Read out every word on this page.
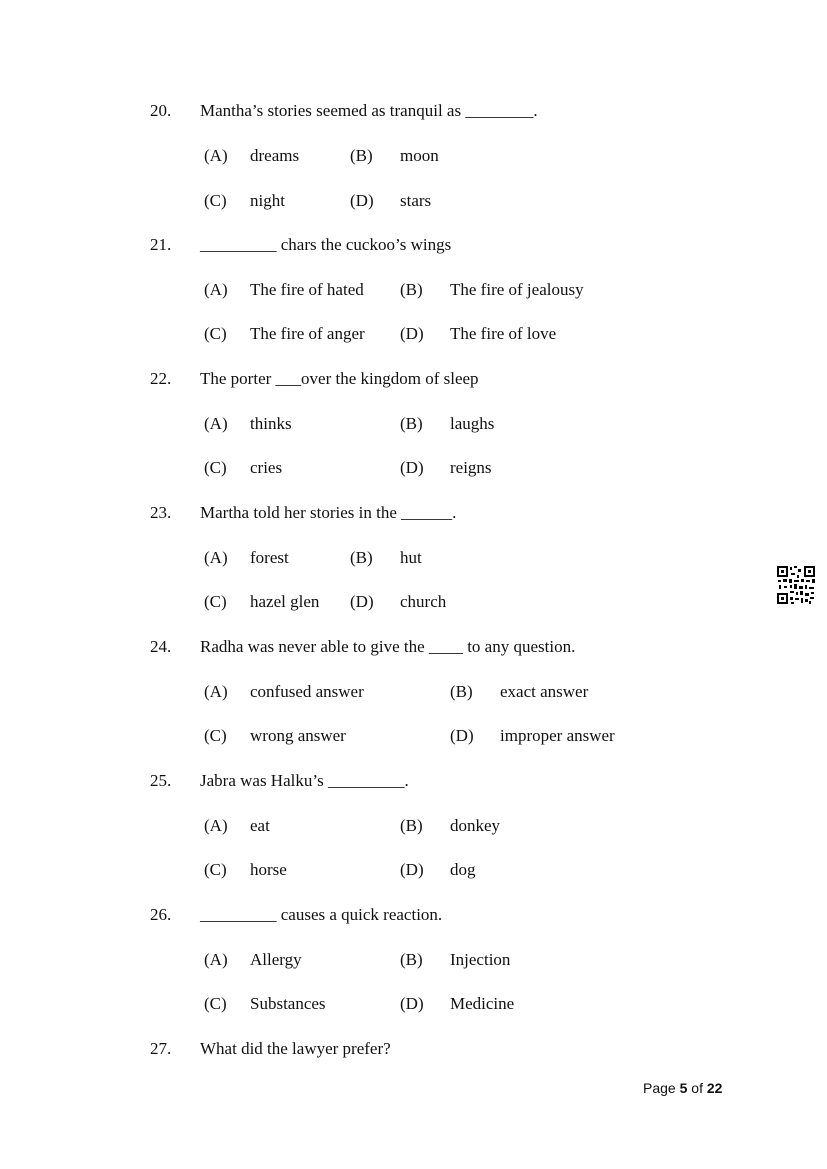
20. Mantha’s stories seemed as tranquil as ________.
(A) dreams	(B) moon
(C) night	(D) stars
21. _________ chars the cuckoo’s wings
(A) The fire of hated (B) The fire of jealousy
(C) The fire of anger (D) The fire of love
22. The porter ___over the kingdom of sleep
(A) thinks	(B) laughs
(C) cries	(D) reigns
23. Martha told her stories in the ______.
(A) forest	(B) hut
(C) hazel glen (D) church
24. Radha was never able to give the ____ to any question.
(A) confused answer	(B) exact answer
(C) wrong answer	(D) improper answer
25. Jabra was Halku’s _________.
(A) eat	(B) donkey
(C) horse	(D) dog
26. _________ causes a quick reaction.
(A) Allergy	(B) Injection
(C) Substances	(D) Medicine
27. What did the lawyer prefer?
Page 5 of 22
